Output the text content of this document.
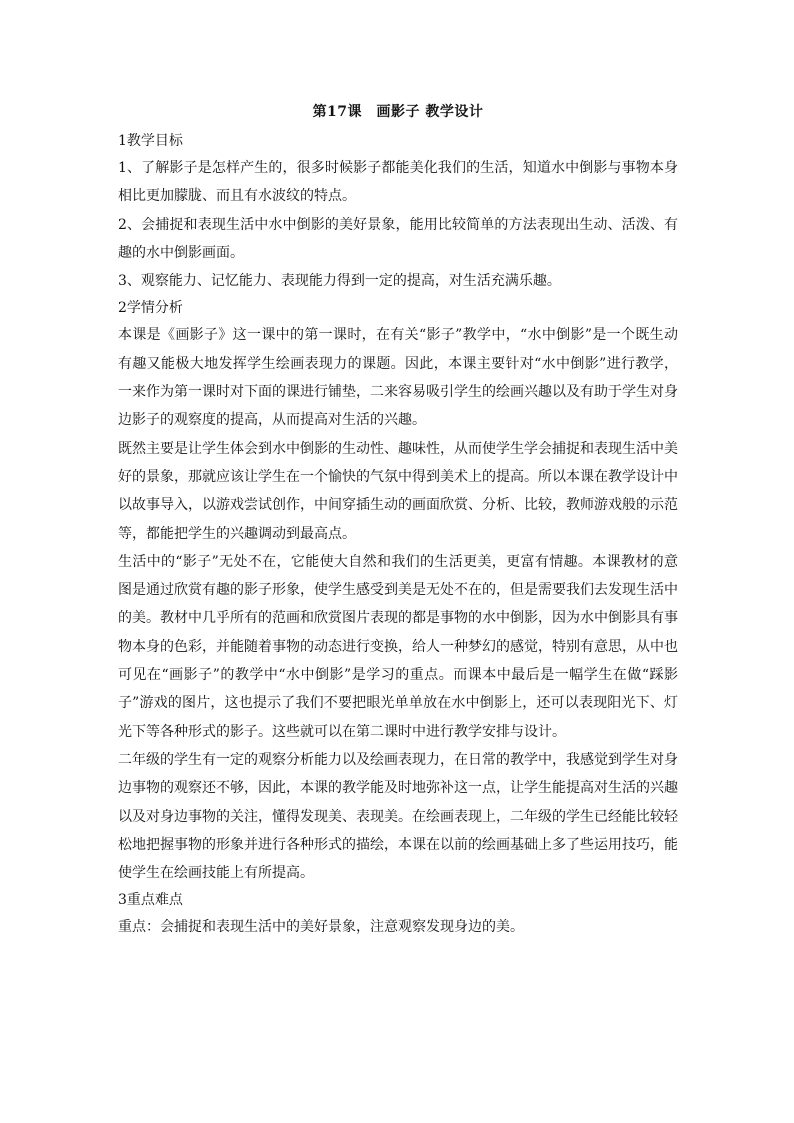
第17课　画影子 教学设计
1教学目标

1、了解影子是怎样产生的，很多时候影子都能美化我们的生活，知道水中倒影与事物本身相比更加朦胧、而且有水波纹的特点。

2、会捕捉和表现生活中水中倒影的美好景象，能用比较简单的方法表现出生动、活泼、有趣的水中倒影画面。

3、观察能力、记忆能力、表现能力得到一定的提高，对生活充满乐趣。

2学情分析

本课是《画影子》这一课中的第一课时，在有关“影子”教学中，“水中倒影”是一个既生动有趣又能极大地发挥学生绘画表现力的课题。因此，本课主要针对“水中倒影”进行教学，一来作为第一课时对下面的课进行铺垫，二来容易吸引学生的绘画兴趣以及有助于学生对身边影子的观察度的提高，从而提高对生活的兴趣。

既然主要是让学生体会到水中倒影的生动性、趣味性，从而使学生学会捕捉和表现生活中美好的景象，那就应该让学生在一个愉快的气氛中得到美术上的提高。所以本课在教学设计中以故事导入，以游戏尝试创作，中间穿插生动的画面欣赏、分析、比较，教师游戏般的示范等，都能把学生的兴趣调动到最高点。

生活中的“影子”无处不在，它能使大自然和我们的生活更美，更富有情趣。本课教材的意图是通过欣赏有趣的影子形象，使学生感受到美是无处不在的，但是需要我们去发现生活中的美。教材中几乎所有的范画和欣赏图片表现的都是事物的水中倒影，因为水中倒影具有事物本身的色彩，并能随着事物的动态进行变换，给人一种梦幻的感觉，特别有意思，从中也可见在“画影子”的教学中“水中倒影”是学习的重点。而课本中最后是一幅学生在做“踩影子”游戏的图片，这也提示了我们不要把眼光单单放在水中倒影上，还可以表现阳光下、灯光下等各种形式的影子。这些就可以在第二课时中进行教学安排与设计。

二年级的学生有一定的观察分析能力以及绘画表现力，在日常的教学中，我感觉到学生对身边事物的观察还不够，因此，本课的教学能及时地弥补这一点，让学生能提高对生活的兴趣以及对身边事物的关注，懂得发现美、表现美。在绘画表现上，二年级的学生已经能比较轻松地把握事物的形象并进行各种形式的描绘，本课在以前的绘画基础上多了些运用技巧，能使学生在绘画技能上有所提高。

3重点难点

重点：会捕捉和表现生活中的美好景象，注意观察发现身边的美。
